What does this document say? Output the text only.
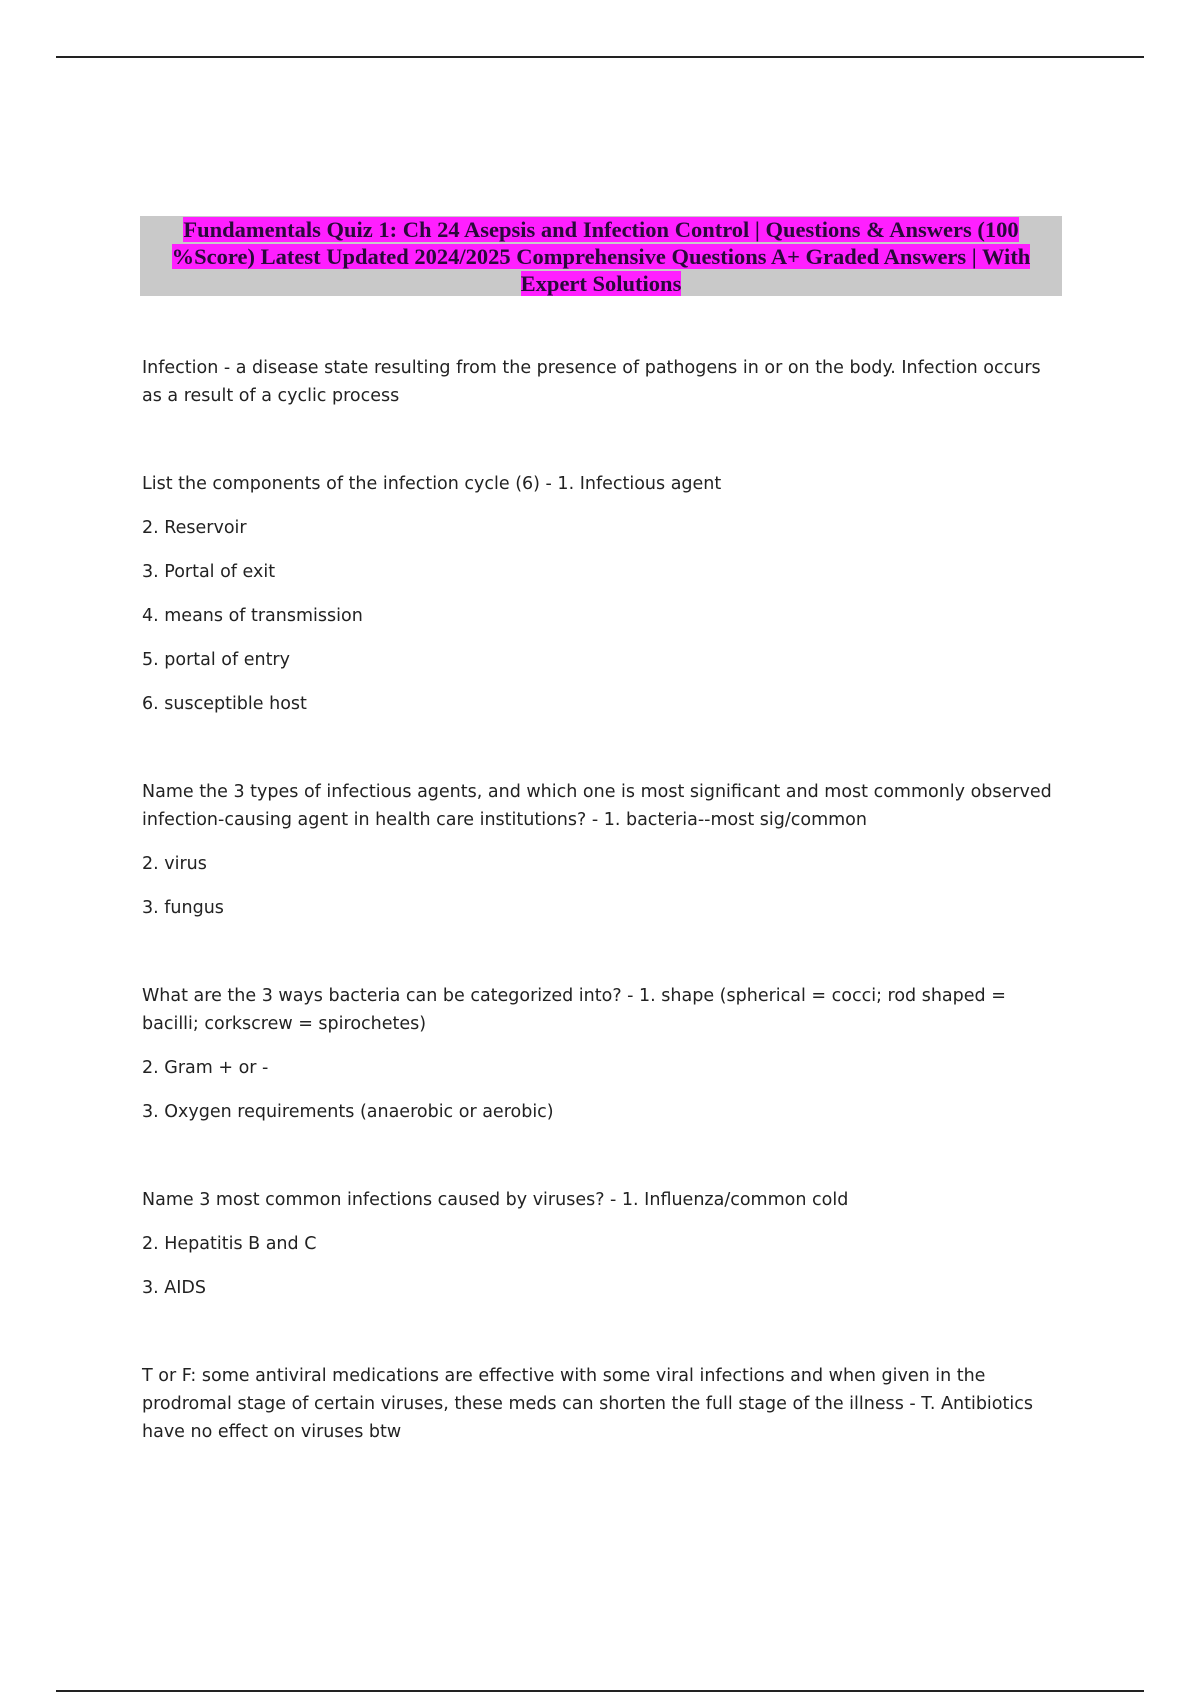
Fundamentals Quiz 1: Ch 24 Asepsis and Infection Control | Questions & Answers (100 %Score) Latest Updated 2024/2025 Comprehensive Questions A+ Graded Answers | With Expert Solutions

Infection - a disease state resulting from the presence of pathogens in or on the body. Infection occurs as a result of a cyclic process

List the components of the infection cycle (6) - 1. Infectious agent

2. Reservoir

3. Portal of exit

4. means of transmission

5. portal of entry

6. susceptible host

Name the 3 types of infectious agents, and which one is most significant and most commonly observed infection-causing agent in health care institutions? - 1. bacteria--most sig/common

2. virus

3. fungus

What are the 3 ways bacteria can be categorized into? - 1. shape (spherical = cocci; rod shaped = bacilli; corkscrew = spirochetes)

2. Gram + or -

3. Oxygen requirements (anaerobic or aerobic)

Name 3 most common infections caused by viruses? - 1. Influenza/common cold

2. Hepatitis B and C

3. AIDS

T or F: some antiviral medications are effective with some viral infections and when given in the prodromal stage of certain viruses, these meds can shorten the full stage of the illness - T. Antibiotics have no effect on viruses btw
